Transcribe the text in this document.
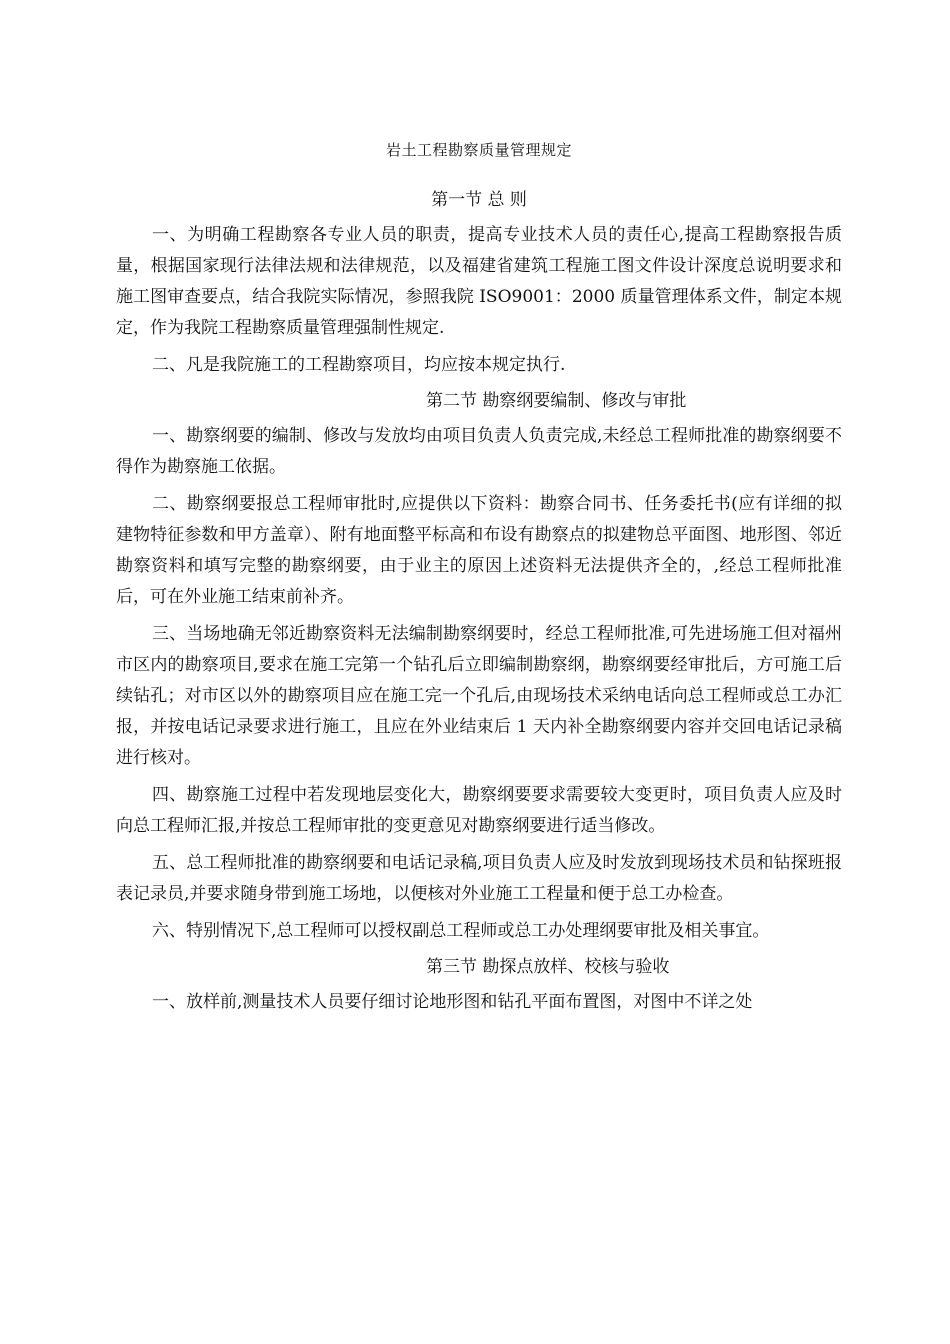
岩土工程勘察质量管理规定
第一节 总 则

一、为明确工程勘察各专业人员的职责，提高专业技术人员的责任心,提高工程勘察报告质量，根据国家现行法律法规和法律规范，以及福建省建筑工程施工图文件设计深度总说明要求和施工图审查要点，结合我院实际情况，参照我院 ISO9001：2000 质量管理体系文件，制定本规定，作为我院工程勘察质量管理强制性规定.

二、凡是我院施工的工程勘察项目，均应按本规定执行.

第二节 勘察纲要编制、修改与审批

一、勘察纲要的编制、修改与发放均由项目负责人负责完成,未经总工程师批准的勘察纲要不得作为勘察施工依据。

二、勘察纲要报总工程师审批时,应提供以下资料：勘察合同书、任务委托书(应有详细的拟建物特征参数和甲方盖章）、附有地面整平标高和布设有勘察点的拟建物总平面图、地形图、邻近勘察资料和填写完整的勘察纲要，由于业主的原因上述资料无法提供齐全的，,经总工程师批准后，可在外业施工结束前补齐。

三、当场地确无邻近勘察资料无法编制勘察纲要时，经总工程师批准,可先进场施工但对福州市区内的勘察项目,要求在施工完第一个钻孔后立即编制勘察纲，勘察纲要经审批后，方可施工后续钻孔；对市区以外的勘察项目应在施工完一个孔后,由现场技术采纳电话向总工程师或总工办汇报，并按电话记录要求进行施工，且应在外业结束后 1 天内补全勘察纲要内容并交回电话记录稿进行核对。

四、勘察施工过程中若发现地层变化大，勘察纲要要求需要较大变更时，项目负责人应及时向总工程师汇报,并按总工程师审批的变更意见对勘察纲要进行适当修改。

五、总工程师批准的勘察纲要和电话记录稿,项目负责人应及时发放到现场技术员和钻探班报表记录员,并要求随身带到施工场地，以便核对外业施工工程量和便于总工办检查。

六、特别情况下,总工程师可以授权副总工程师或总工办处理纲要审批及相关事宜。

第三节 勘探点放样、校核与验收

一、放样前,测量技术人员要仔细讨论地形图和钻孔平面布置图，对图中不详之处
